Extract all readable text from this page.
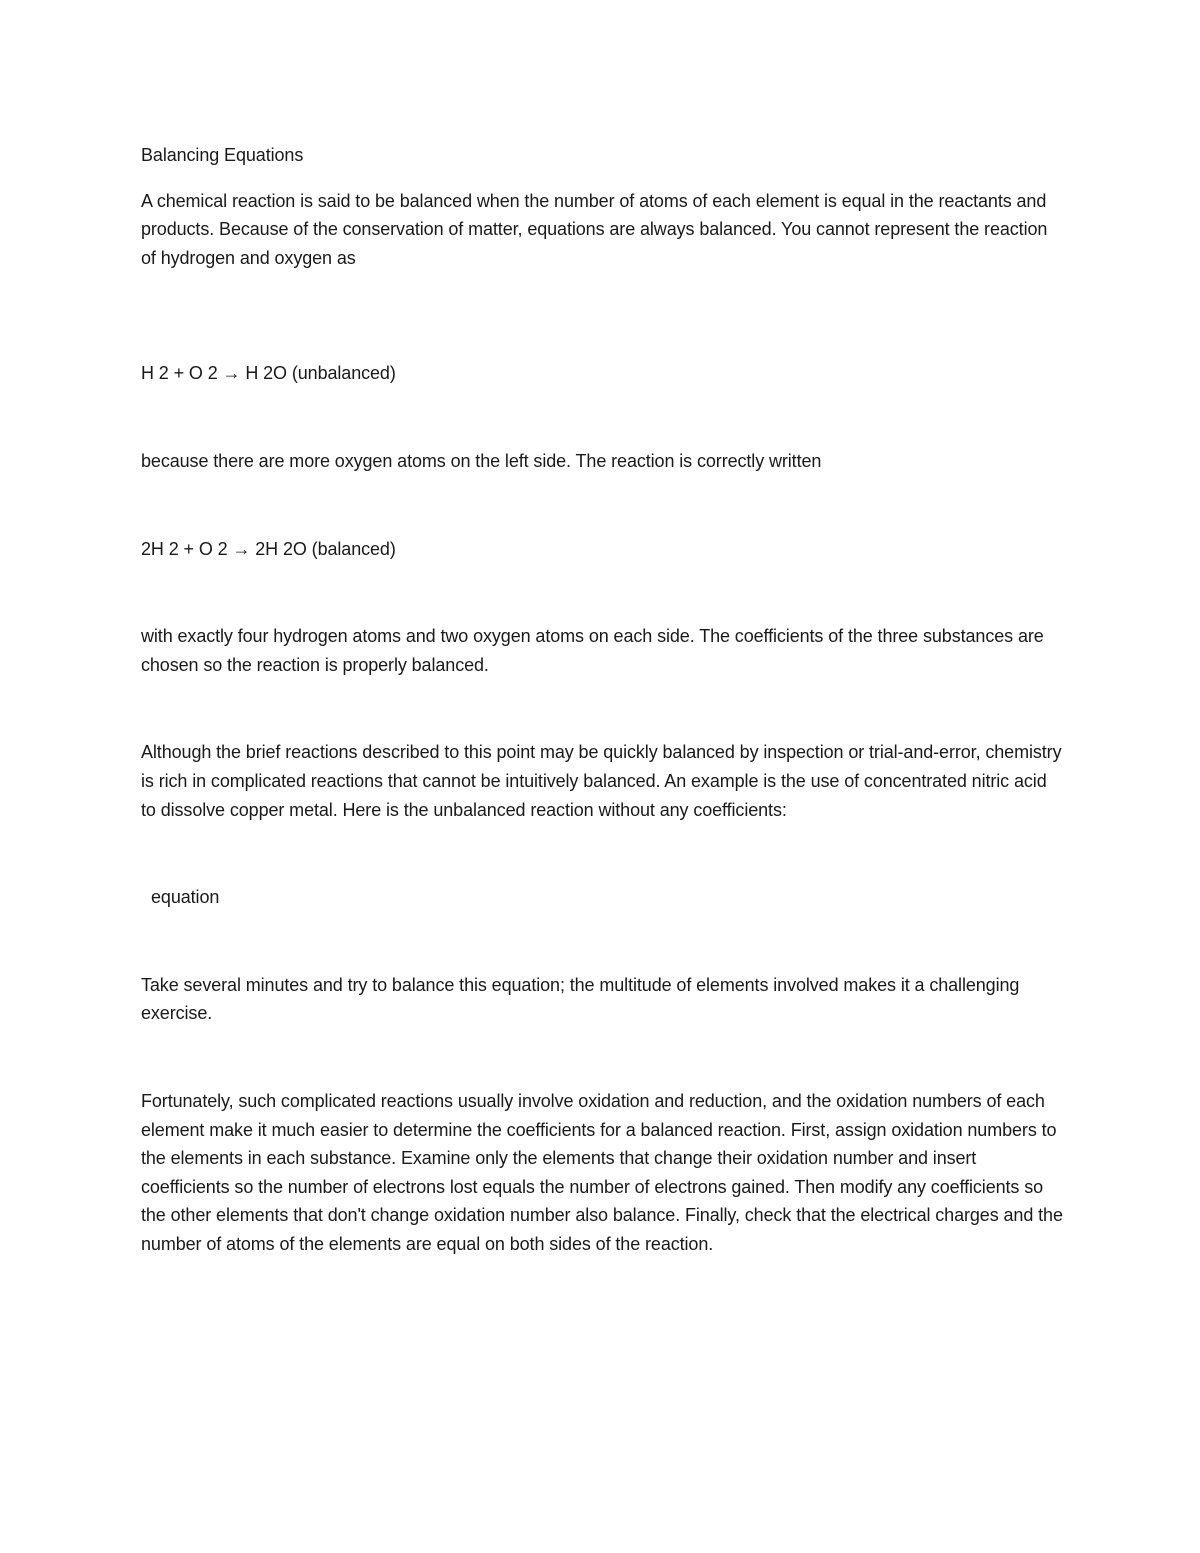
Balancing Equations

A chemical reaction is said to be balanced when the number of atoms of each element is equal in the reactants and products. Because of the conservation of matter, equations are always balanced. You cannot represent the reaction of hydrogen and oxygen as

H 2 + O 2 → H 2O (unbalanced)

because there are more oxygen atoms on the left side. The reaction is correctly written

2H 2 + O 2 → 2H 2O (balanced)

with exactly four hydrogen atoms and two oxygen atoms on each side. The coefficients of the three substances are chosen so the reaction is properly balanced.

Although the brief reactions described to this point may be quickly balanced by inspection or trial-and-error, chemistry is rich in complicated reactions that cannot be intuitively balanced. An example is the use of concentrated nitric acid to dissolve copper metal. Here is the unbalanced reaction without any coefficients:

equation

Take several minutes and try to balance this equation; the multitude of elements involved makes it a challenging exercise.

Fortunately, such complicated reactions usually involve oxidation and reduction, and the oxidation numbers of each element make it much easier to determine the coefficients for a balanced reaction. First, assign oxidation numbers to the elements in each substance. Examine only the elements that change their oxidation number and insert coefficients so the number of electrons lost equals the number of electrons gained. Then modify any coefficients so the other elements that don't change oxidation number also balance. Finally, check that the electrical charges and the number of atoms of the elements are equal on both sides of the reaction.
